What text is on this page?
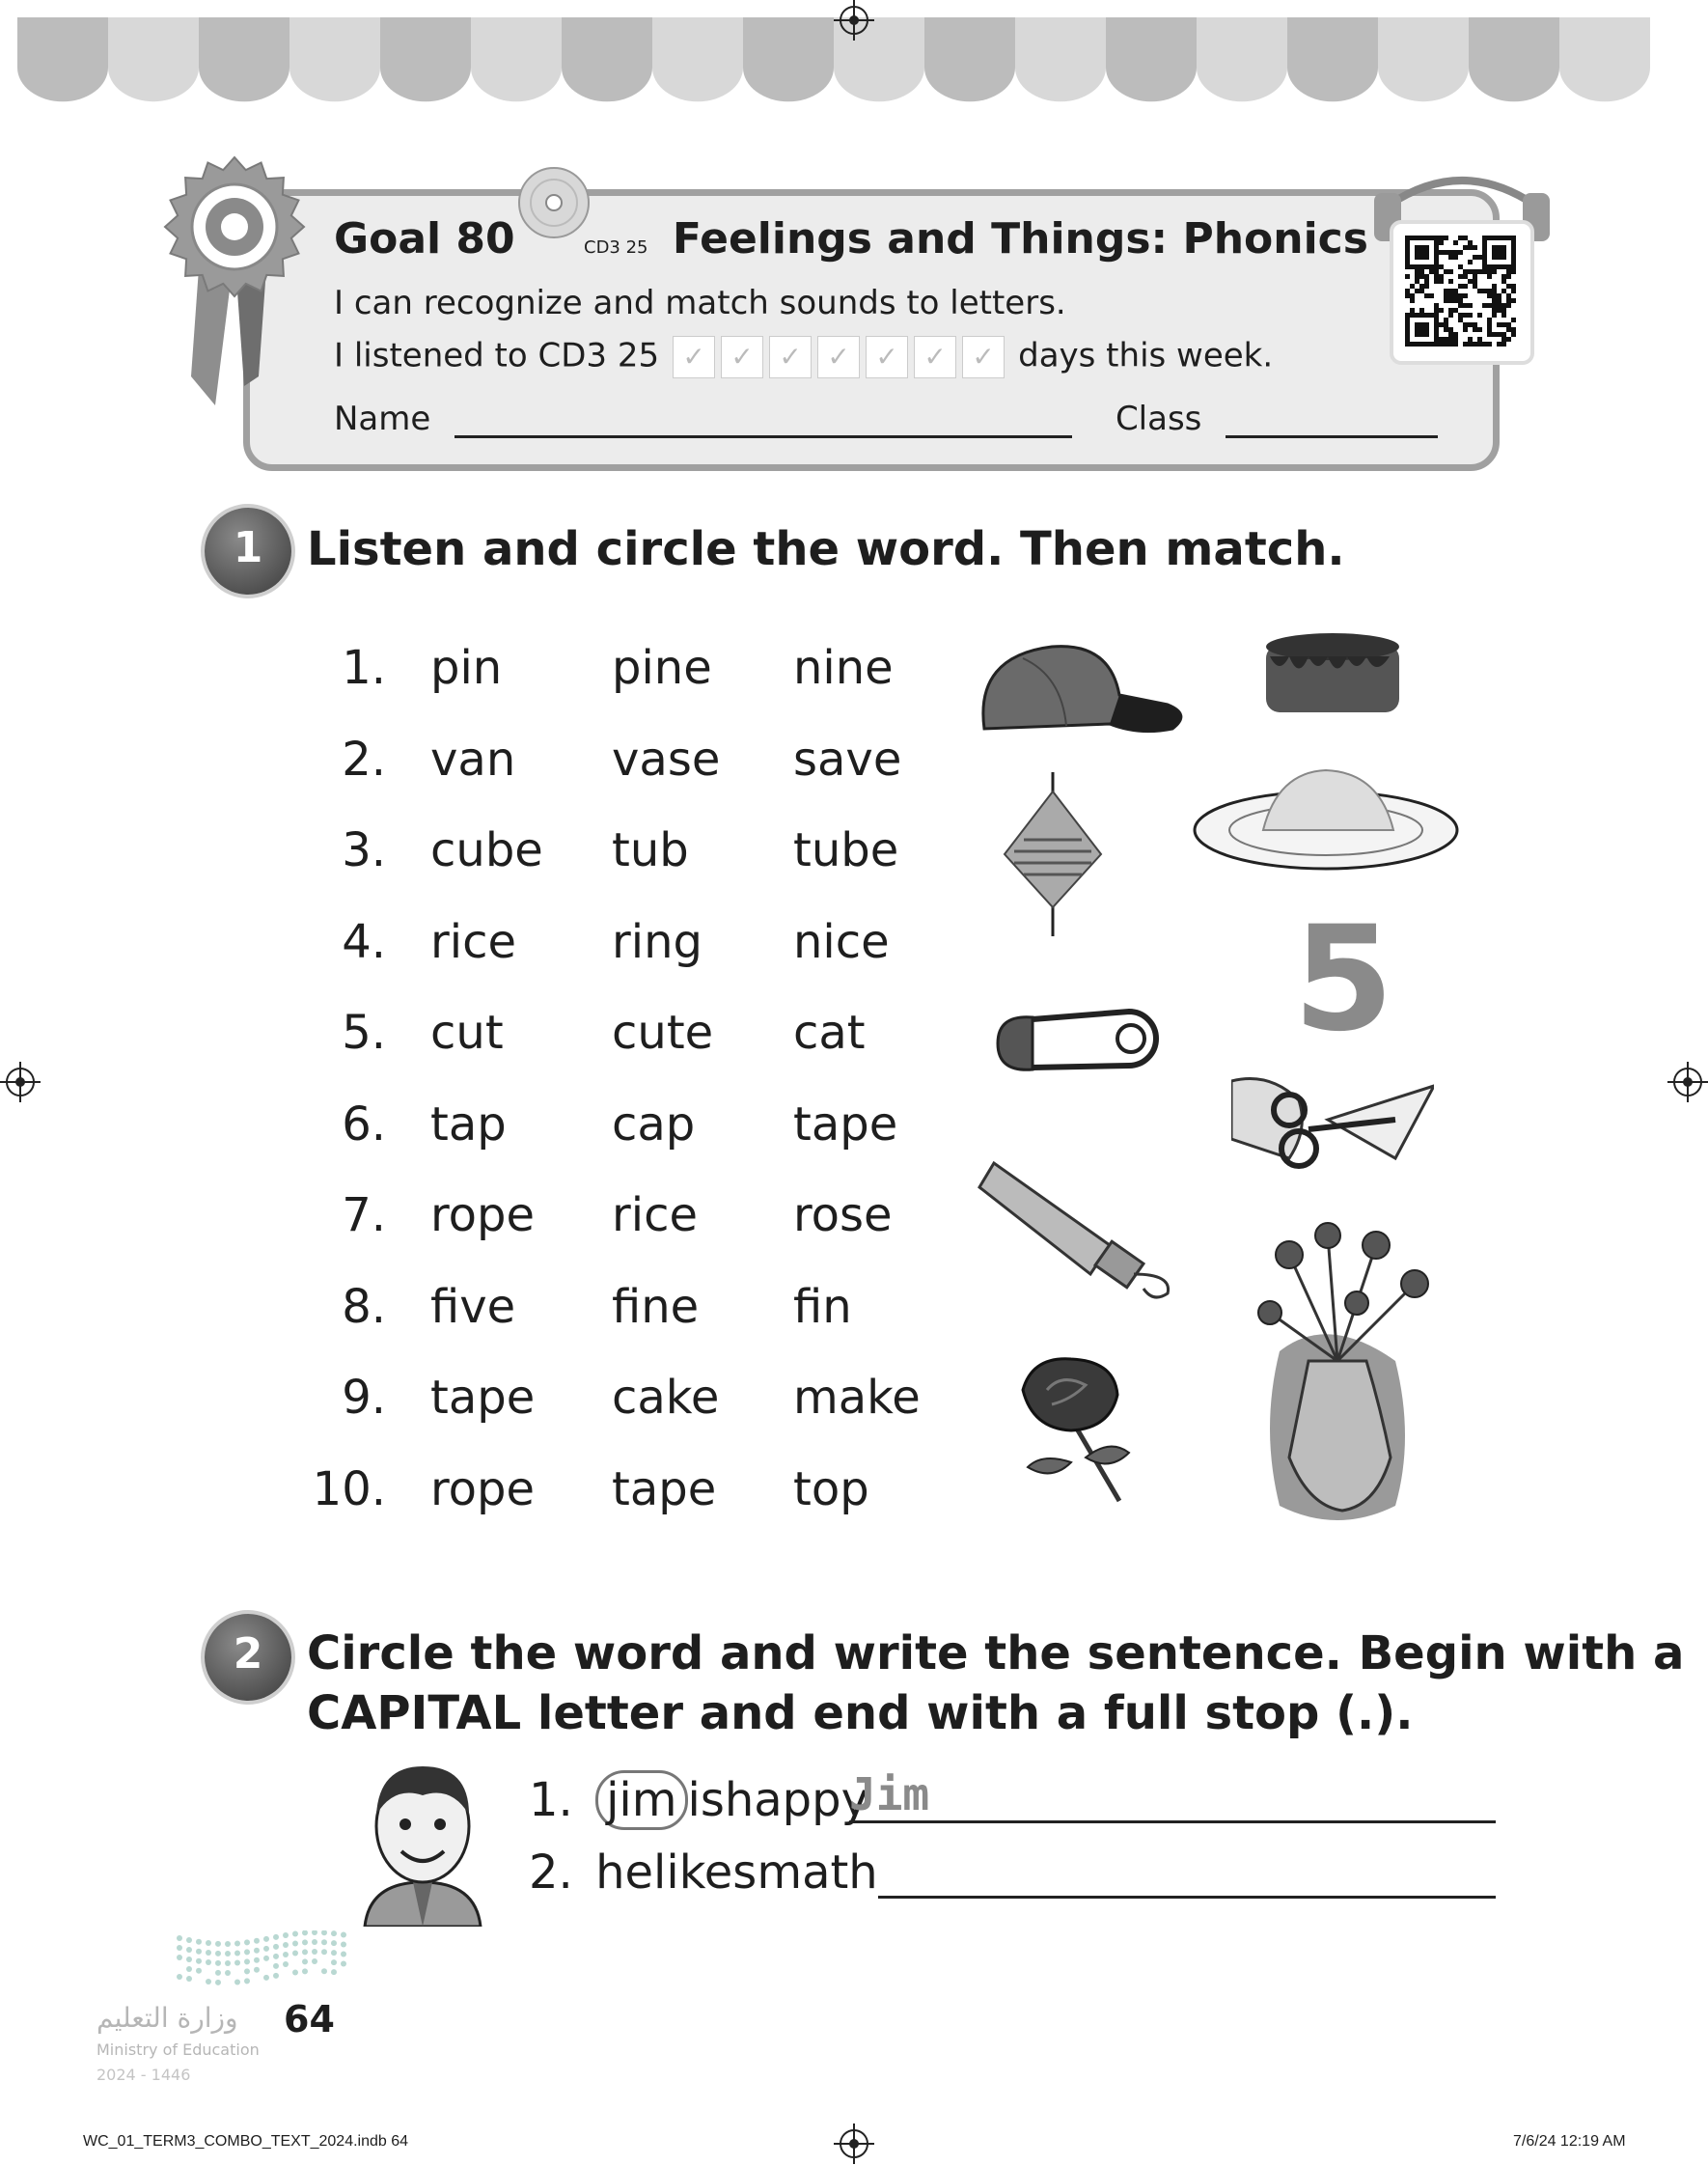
Goal 80	CD3 25 Feelings and Things: Phonics
I can recognize and match sounds to letters.
I listened to CD3 25 ✓ ✓ ✓ ✓ ✓ ✓ ✓ days this week.
Name	Class
1 Listen and circle the word. Then match.
1. pin pine nine
2. van vase save
3. cube tub tube
4. rice ring nice
5. cut cute cat
6. tap cap tape
7. rope rice rose
8. five fine fin
9. tape cake make
10. rope tape top
5
2 Circle the word and write the sentence. Begin with a
CAPITAL letter and end with a full stop (.).
1. jim ishappy
Jim
2. helikesmath
وزارة التعليم
Ministry of Education
2024 - 1446
64
WC_01_TERM3_COMBO_TEXT_2024.indb 64	7/6/24 12:19 AM
